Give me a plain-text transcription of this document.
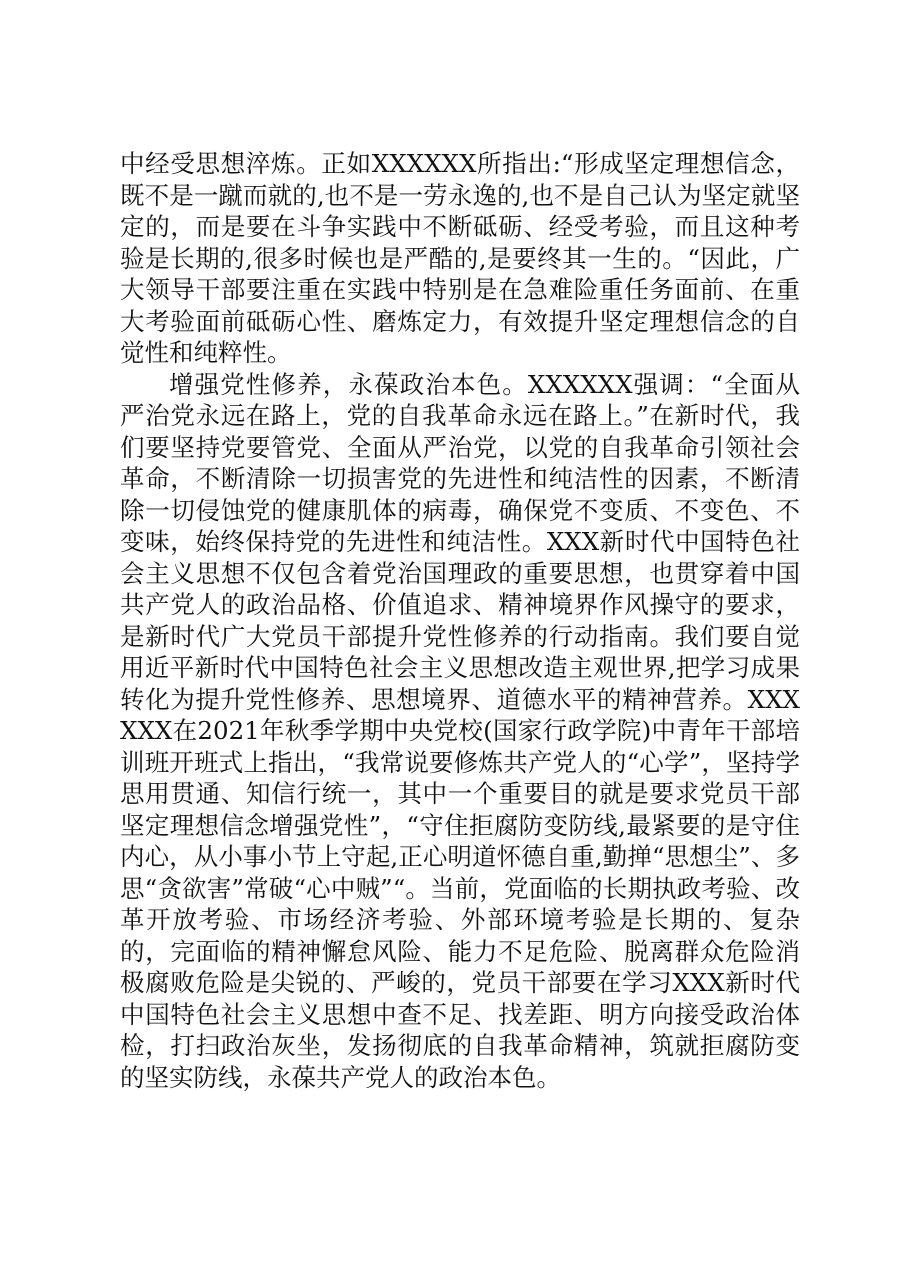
中经受思想淬炼。正如XXXXXX所指出:“形成坚定理想信念，既不是一蹴而就的,也不是一劳永逸的,也不是自己认为坚定就坚定的，而是要在斗争实践中不断砥砺、经受考验，而且这种考验是长期的,很多时候也是严酷的,是要终其一生的。“因此，广大领导干部要注重在实践中特别是在急难险重任务面前、在重大考验面前砥砺心性、磨炼定力，有效提升坚定理想信念的自觉性和纯粹性。

增强党性修养，永葆政治本色。XXXXXX强调：“全面从严治党永远在路上，党的自我革命永远在路上。”在新时代，我们要坚持党要管党、全面从严治党，以党的自我革命引领社会革命，不断清除一切损害党的先进性和纯洁性的因素，不断清除一切侵蚀党的健康肌体的病毒，确保党不变质、不变色、不变味，始终保持党的先进性和纯洁性。XXX新时代中国特色社会主义思想不仅包含着党治国理政的重要思想，也贯穿着中国共产党人的政治品格、价值追求、精神境界作风操守的要求，是新时代广大党员干部提升党性修养的行动指南。我们要自觉用近平新时代中国特色社会主义思想改造主观世界,把学习成果转化为提升党性修养、思想境界、道德水平的精神营养。XXXXXX在2021年秋季学期中央党校(国家行政学院)中青年干部培训班开班式上指出，“我常说要修炼共产党人的“心学”，坚持学思用贯通、知信行统一，其中一个重要目的就是要求党员干部坚定理想信念增强党性”，“守住拒腐防变防线,最紧要的是守住内心，从小事小节上守起,正心明道怀德自重,勤掸“思想尘”、多思“贪欲害”常破“心中贼”“。当前，党面临的长期执政考验、改革开放考验、市场经济考验、外部环境考验是长期的、复杂的，完面临的精神懈怠风险、能力不足危险、脱离群众危险消极腐败危险是尖锐的、严峻的，党员干部要在学习XXX新时代中国特色社会主义思想中查不足、找差距、明方向接受政治体检，打扫政治灰坐，发扬彻底的自我革命精神，筑就拒腐防变的坚实防线，永葆共产党人的政治本色。
